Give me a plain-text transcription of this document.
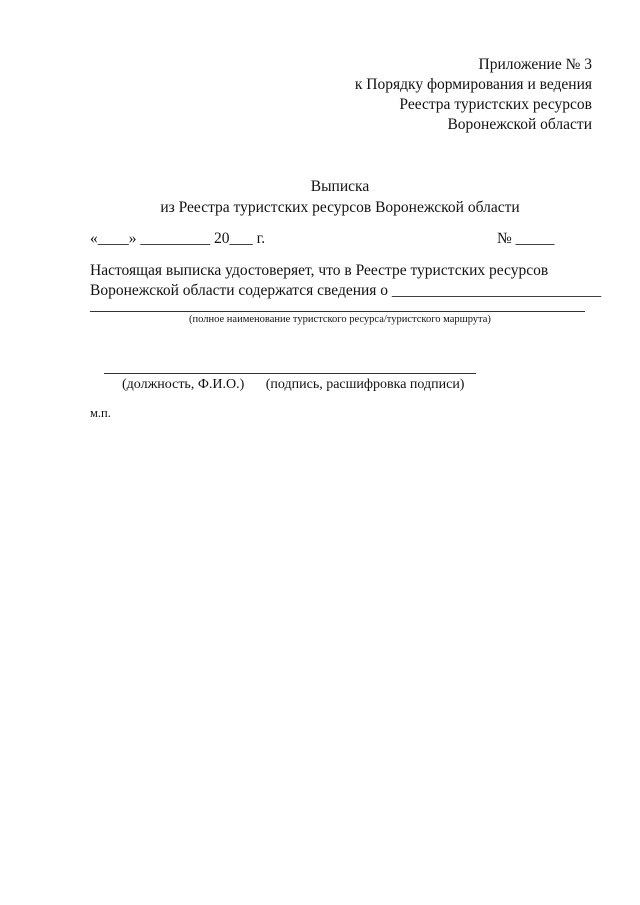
Приложение № 3
к Порядку формирования и ведения
Реестра туристских ресурсов
Воронежской области
Выписка
из Реестра туристских ресурсов Воронежской области
«____» _________ 20___ г.	№ _____
Настоящая выписка удостоверяет, что в Реестре туристских ресурсов
Воронежской области содержатся сведения о ___________________________
(полное наименование туристского ресурса/туристского маршрута)
(должность, Ф.И.О.) (подпись, расшифровка подписи)
м.п.
